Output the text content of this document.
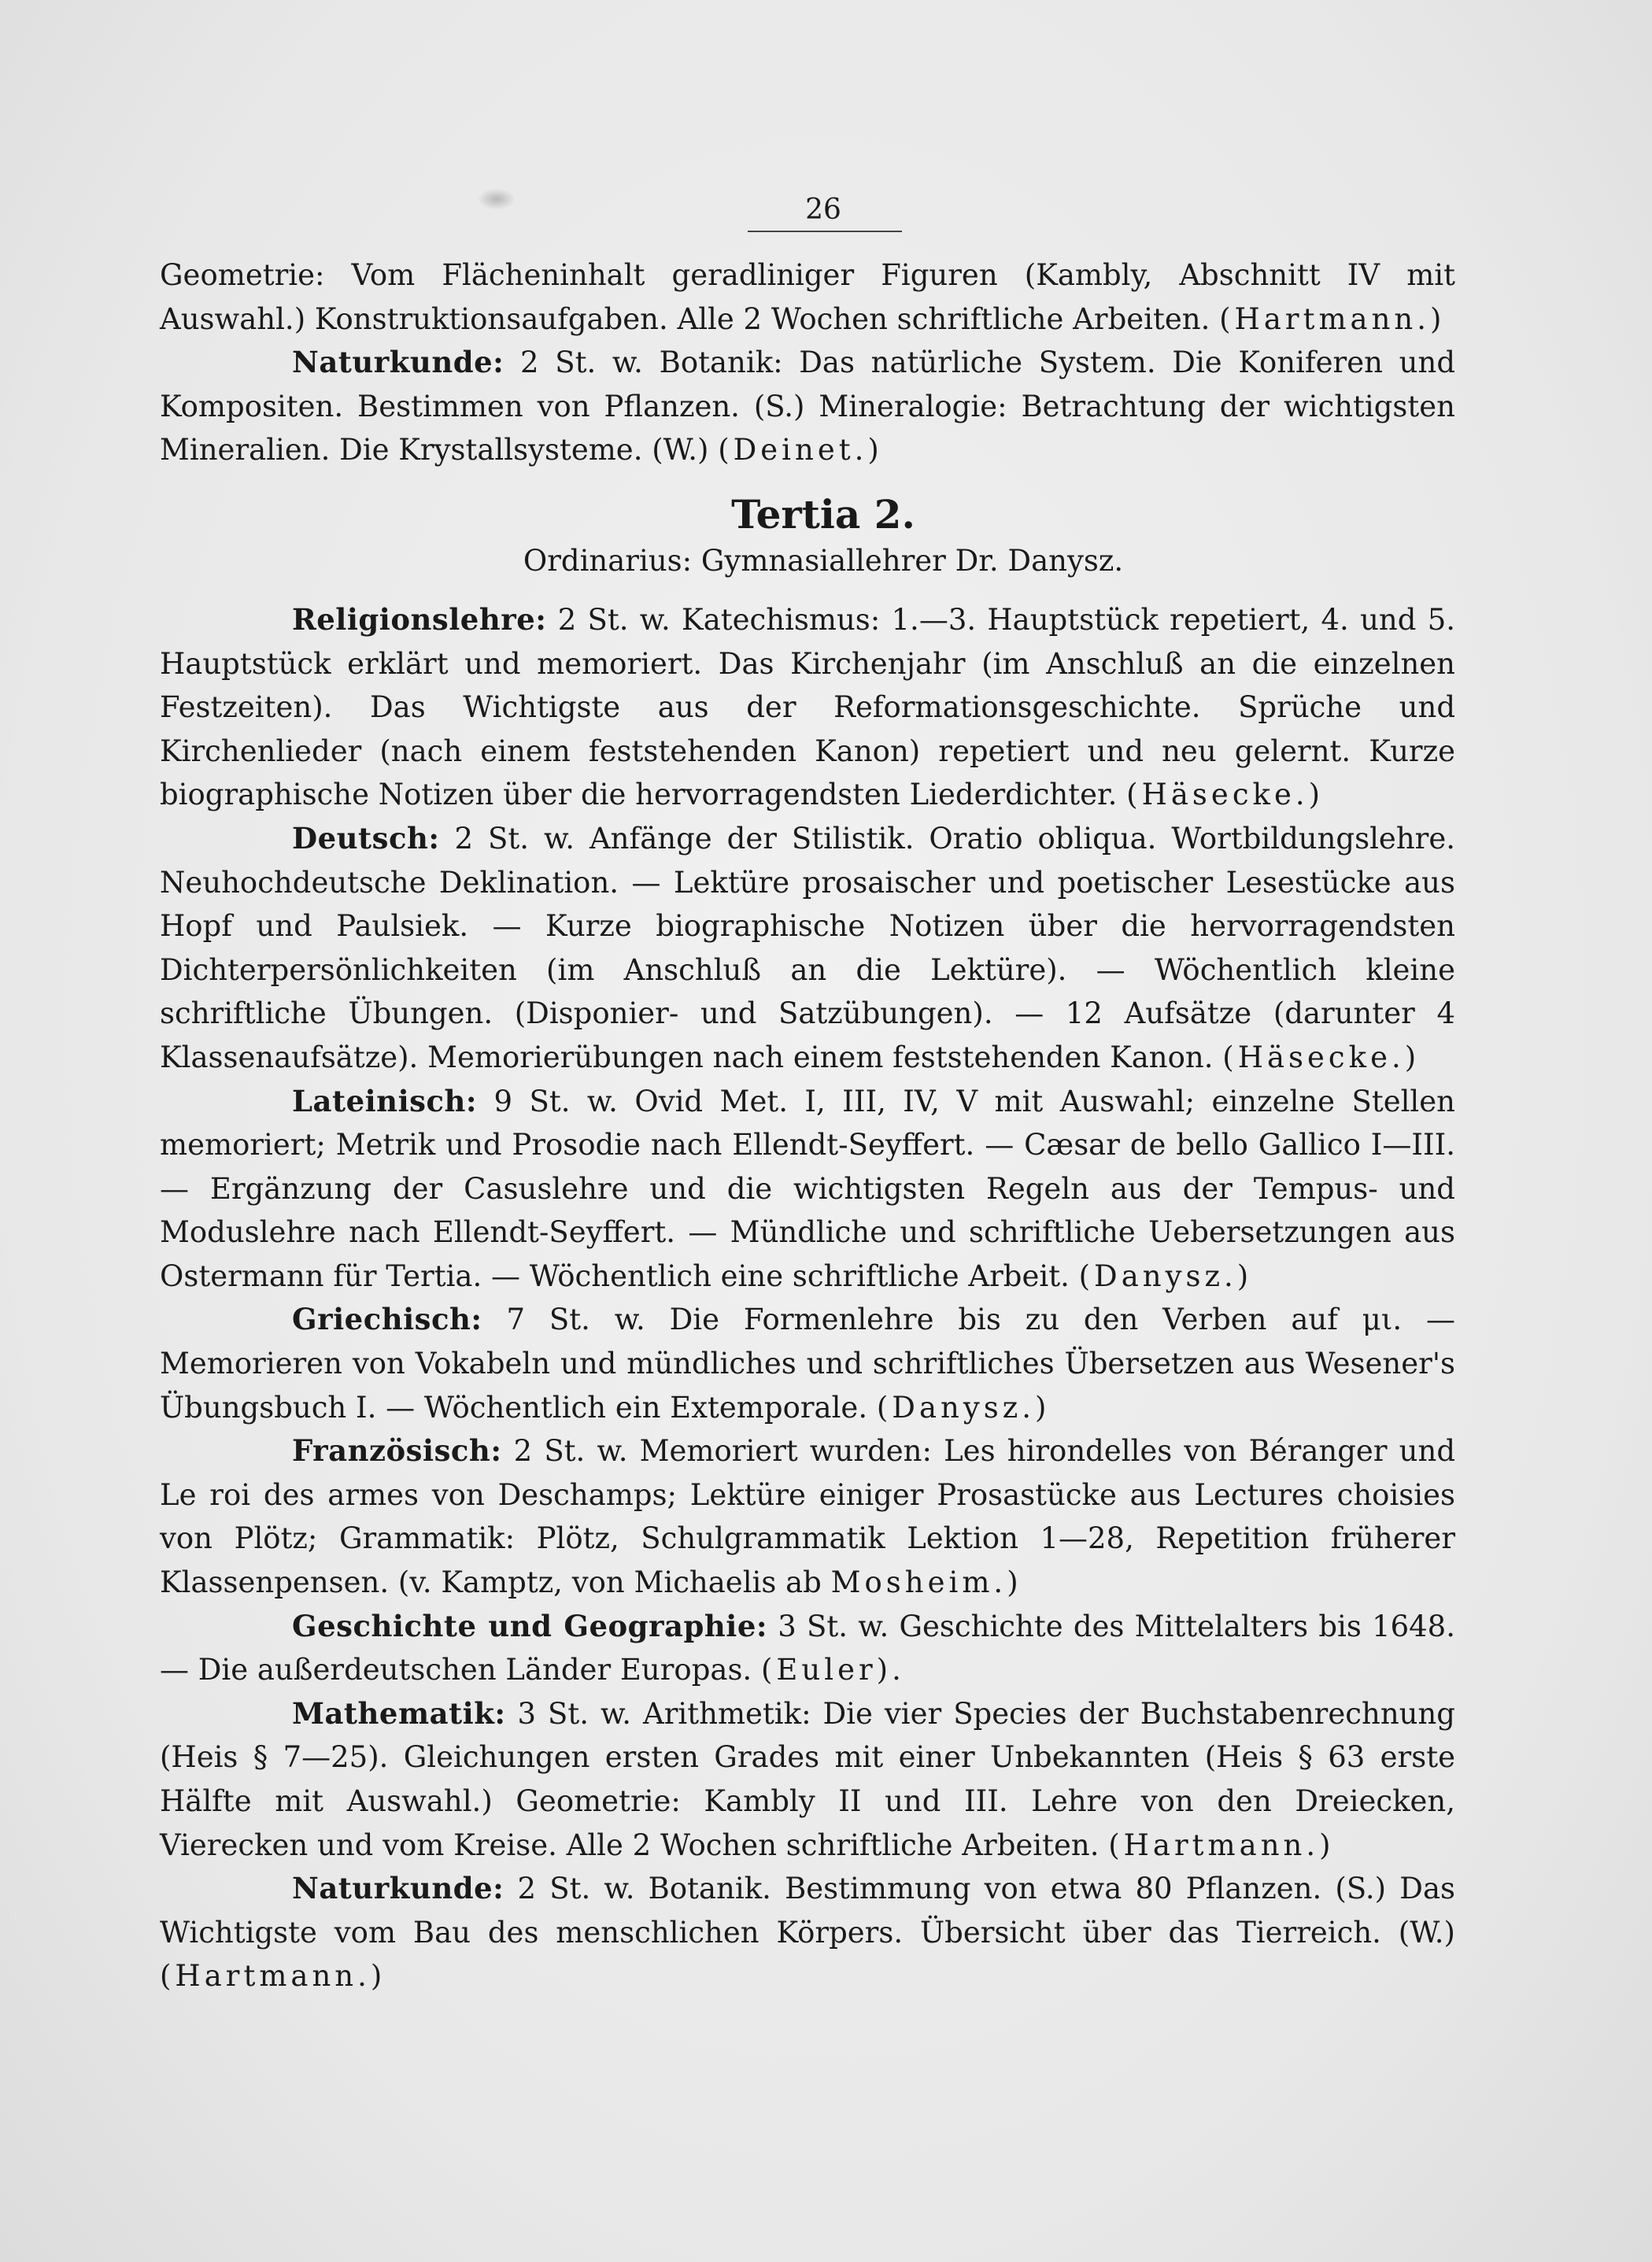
26

Geometrie: Vom Flächeninhalt geradliniger Figuren (Kambly, Abschnitt IV mit Auswahl.) Konstruktionsaufgaben. Alle 2 Wochen schriftliche Arbeiten. (Hartmann.)

Naturkunde: 2 St. w. Botanik: Das natürliche System. Die Koniferen und Kompositen. Bestimmen von Pflanzen. (S.) Mineralogie: Betrachtung der wichtigsten Mineralien. Die Krystallsysteme. (W.) (Deinet.)

Tertia 2.
Ordinarius: Gymnasiallehrer Dr. Danysz.

Religionslehre: 2 St. w. Katechismus: 1.—3. Hauptstück repetiert, 4. und 5. Hauptstück erklärt und memoriert. Das Kirchenjahr (im Anschluß an die einzelnen Festzeiten). Das Wichtigste aus der Reformationsgeschichte. Sprüche und Kirchenlieder (nach einem feststehenden Kanon) repetiert und neu gelernt. Kurze biographische Notizen über die hervorragendsten Liederdichter. (Häsecke.)

Deutsch: 2 St. w. Anfänge der Stilistik. Oratio obliqua. Wortbildungslehre. Neuhochdeutsche Deklination. — Lektüre prosaischer und poetischer Lesestücke aus Hopf und Paulsiek. — Kurze biographische Notizen über die hervorragendsten Dichterpersönlichkeiten (im Anschluß an die Lektüre). — Wöchentlich kleine schriftliche Übungen. (Disponier- und Satzübungen). — 12 Aufsätze (darunter 4 Klassenaufsätze). Memorierübungen nach einem feststehenden Kanon. (Häsecke.)

Lateinisch: 9 St. w. Ovid Met. I, III, IV, V mit Auswahl; einzelne Stellen memoriert; Metrik und Prosodie nach Ellendt-Seyffert. — Cæsar de bello Gallico I—III. — Ergänzung der Casuslehre und die wichtigsten Regeln aus der Tempus- und Moduslehre nach Ellendt-Seyffert. — Mündliche und schriftliche Uebersetzungen aus Ostermann für Tertia. — Wöchentlich eine schriftliche Arbeit. (Danysz.)

Griechisch: 7 St. w. Die Formenlehre bis zu den Verben auf μι. — Memorieren von Vokabeln und mündliches und schriftliches Übersetzen aus Wesener's Übungsbuch I. — Wöchentlich ein Extemporale. (Danysz.)

Französisch: 2 St. w. Memoriert wurden: Les hirondelles von Béranger und Le roi des armes von Deschamps; Lektüre einiger Prosastücke aus Lectures choisies von Plötz; Grammatik: Plötz, Schulgrammatik Lektion 1—28, Repetition früherer Klassenpensen. (v. Kamptz, von Michaelis ab Mosheim.)

Geschichte und Geographie: 3 St. w. Geschichte des Mittelalters bis 1648. — Die außerdeutschen Länder Europas. (Euler).

Mathematik: 3 St. w. Arithmetik: Die vier Species der Buchstabenrechnung (Heis § 7—25). Gleichungen ersten Grades mit einer Unbekannten (Heis § 63 erste Hälfte mit Auswahl.) Geometrie: Kambly II und III. Lehre von den Dreiecken, Vierecken und vom Kreise. Alle 2 Wochen schriftliche Arbeiten. (Hartmann.)

Naturkunde: 2 St. w. Botanik. Bestimmung von etwa 80 Pflanzen. (S.) Das Wichtigste vom Bau des menschlichen Körpers. Übersicht über das Tierreich. (W.) (Hartmann.)
